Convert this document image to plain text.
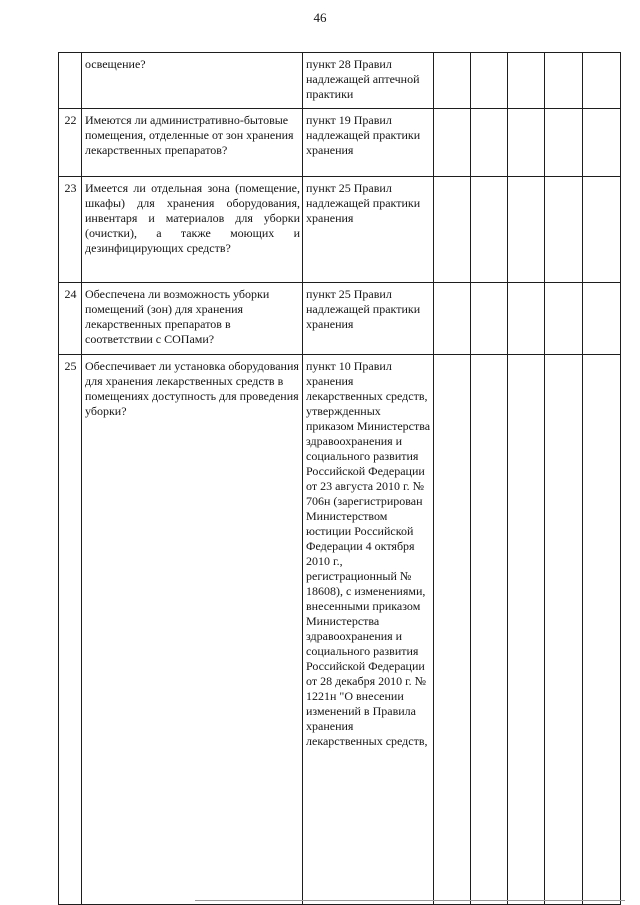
46
	освещение?	пункт 28 Правил надлежащей аптечной практики					
22	Имеются ли административно-бытовые помещения, отделенные от зон хранения лекарственных препаратов?	пункт 19 Правил надлежащей практики хранения					
23	Имеется ли отдельная зона (помещение, шкафы) для хранения оборудования, инвентаря и материалов для уборки (очистки), а также моющих и дезинфицирующих средств?	пункт 25 Правил надлежащей практики хранения					
24	Обеспечена ли возможность уборки помещений (зон) для хранения лекарственных препаратов в соответствии с СОПами?	пункт 25 Правил надлежащей практики хранения					
25	Обеспечивает ли установка оборудования для хранения лекарственных средств в помещениях доступность для проведения уборки?	пункт 10 Правил хранения лекарственных средств, утвержденных приказом Министерства здравоохранения и социального развития Российской Федерации от 23 августа 2010 г. № 706н (зарегистрирован Министерством юстиции Российской Федерации 4 октября 2010 г., регистрационный № 18608), с изменениями, внесенными приказом Министерства здравоохранения и социального развития Российской Федерации от 28 декабря 2010 г. № 1221н "О внесении изменений в Правила хранения лекарственных средств,					
